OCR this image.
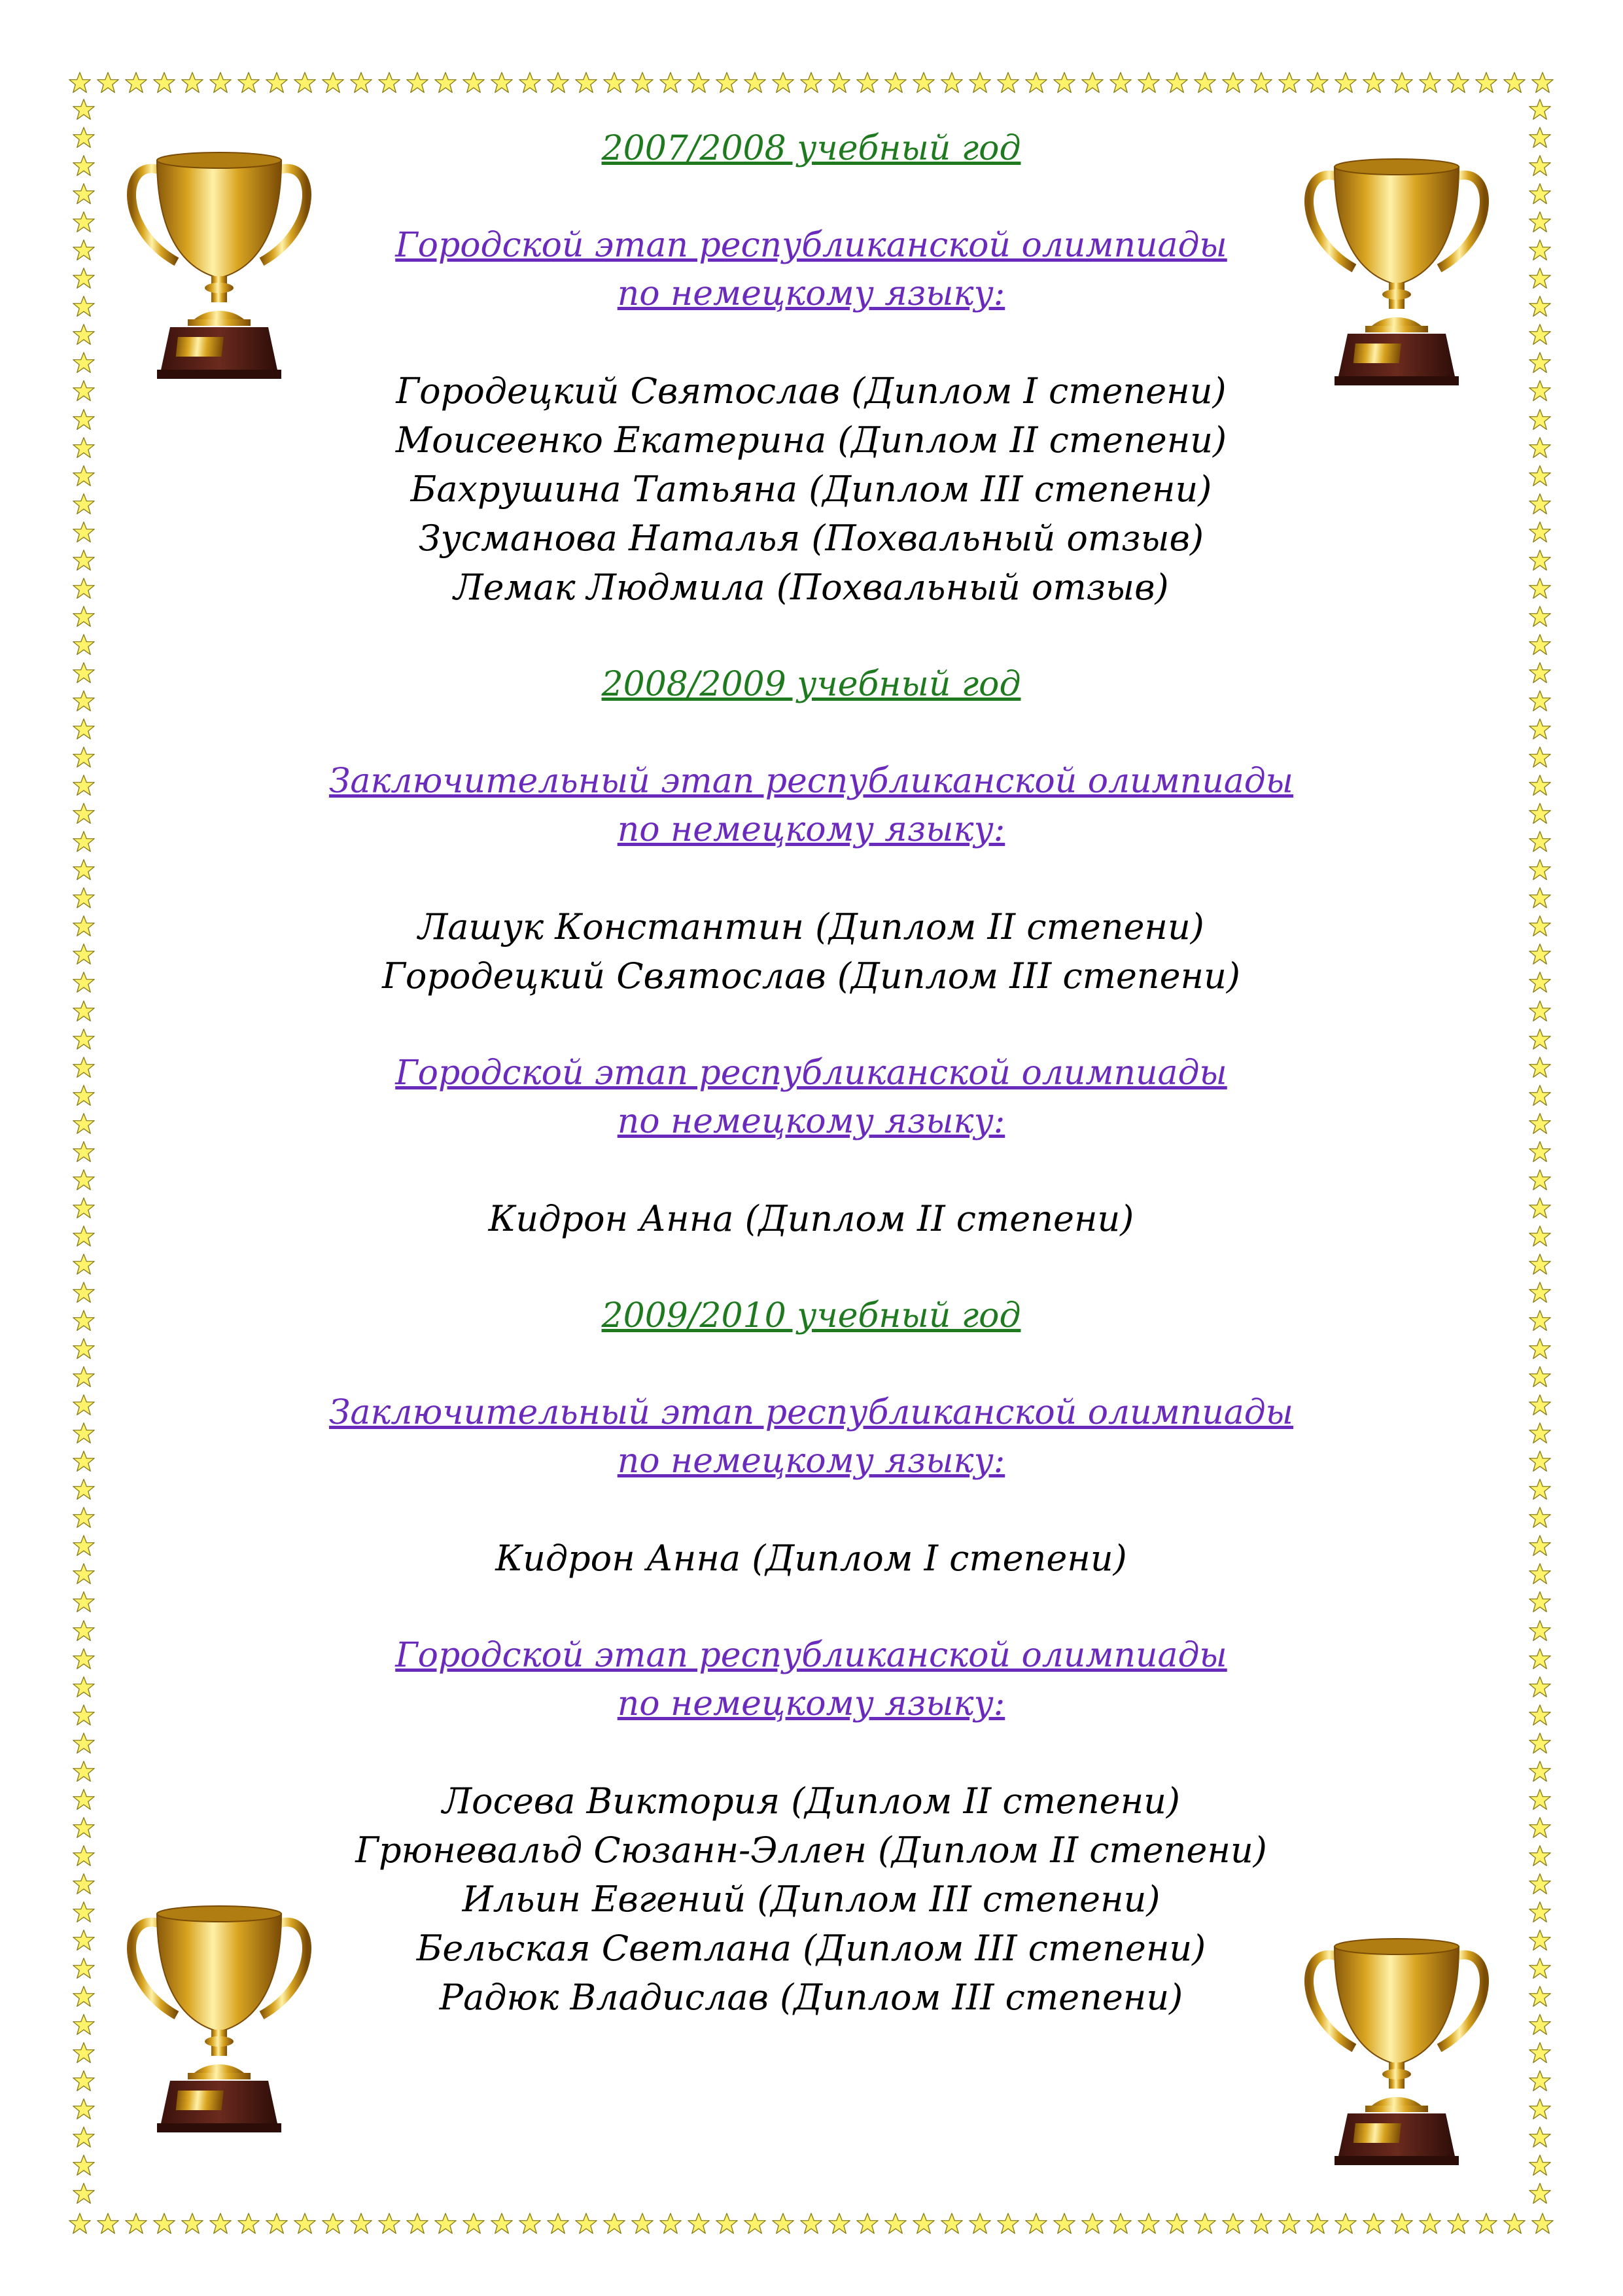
2007/2008 учебный год

Городской этап республиканской олимпиады

по немецкому языку:

Городецкий Святослав (Диплом I степени)

Моисеенко Екатерина (Диплом II степени)

Бахрушина Татьяна (Диплом III степени)

Зусманова Наталья (Похвальный отзыв)

Лемак Людмила (Похвальный отзыв)

2008/2009 учебный год

Заключительный этап республиканской олимпиады

по немецкому языку:

Лашук Константин (Диплом II степени)

Городецкий Святослав (Диплом III степени)

Городской этап республиканской олимпиады

по немецкому языку:

Кидрон Анна (Диплом II степени)

2009/2010 учебный год

Заключительный этап республиканской олимпиады

по немецкому языку:

Кидрон Анна (Диплом I степени)

Городской этап республиканской олимпиады

по немецкому языку:

Лосева Виктория (Диплом II степени)

Грюневальд Сюзанн-Эллен (Диплом II степени)

Ильин Евгений (Диплом III степени)

Бельская Светлана (Диплом III степени)

Радюк Владислав (Диплом III степени)
